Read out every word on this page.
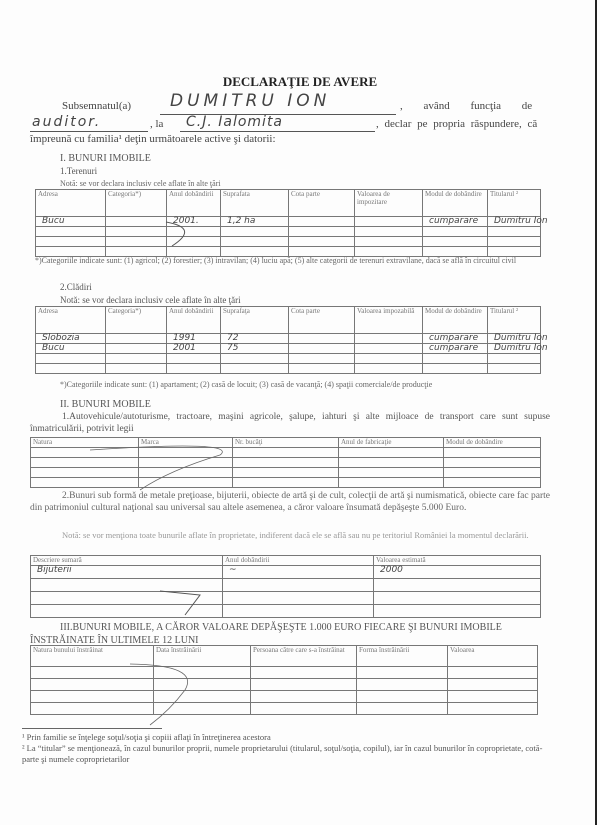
DECLARAŢIE DE AVERE
Subsemnatul(a) DUMITRU ION	, având funcţia de
auditor.	, la C.J. Ialomita	, declar pe propria răspundere, că
împreună cu familia¹ deţin următoarele active şi datorii:
I. BUNURI IMOBILE
1.Terenuri
Notă: se vor declara inclusiv cele aflate în alte ţări
Adresa	Categoria*)	Anul dobândirii	Suprafata	Cota parte	Valoarea de impozitare	Modul de dobândire	Titularul ²
Bucu		2001.	1,2 ha			cumparare	Dumitru Ion

*)Categoriile indicate sunt: (1) agricol; (2) forestier; (3) intravilan; (4) luciu apă; (5) alte categorii de terenuri extravilane, dacă se află în circuitul civil
2.Clădiri
Notă: se vor declara inclusiv cele aflate în alte ţări
Adresa	Categoria*)	Anul dobândirii	Suprafaţa	Cota parte	Valoarea impozabilă	Modul de dobândire	Titularul ²
Slobozia		1991	72			cumparare	Dumitru Ion
Bucu		2001	75			cumparare	Dumitru Ion

*)Categoriile indicate sunt: (1) apartament; (2) casă de locuit; (3) casă de vacanţă; (4) spaţii comerciale/de producţie
II. BUNURI MOBILE
1.Autovehicule/autoturisme, tractoare, maşini agricole, şalupe, iahturi şi alte mijloace de transport care sunt supuse înmatriculării, potrivit legii
Natura	Marca	Nr. bucăţi	Anul de fabricaţie	Modul de dobândire

2.Bunuri sub formă de metale preţioase, bijuterii, obiecte de artă şi de cult, colecţii de artă şi numismatică, obiecte care fac parte din patrimoniul cultural naţional sau universal sau altele asemenea, a căror valoare însumată depăşeşte 5.000 Euro.
Notă: se vor menţiona toate bunurile aflate în proprietate, indiferent dacă ele se află sau nu pe teritoriul României la momentul declarării.
Descriere sumară	Anul dobândirii	Valoarea estimată
Bijuterii	~	2000

III.BUNURI MOBILE, A CĂROR VALOARE DEPĂŞEŞTE 1.000 EURO FIECARE ŞI BUNURI IMOBILE ÎNSTRĂINATE ÎN ULTIMELE 12 LUNI
Natura bunului înstrăinat	Data înstrăinării	Persoana către care s-a înstrăinat	Forma înstrăinării	Valoarea

¹ Prin familie se înţelege soţul/soţia şi copiii aflaţi în întreţinerea acestora
² La “titular” se menţionează, în cazul bunurilor proprii, numele proprietarului (titularul, soţul/soţia, copilul), iar în cazul bunurilor în coproprietate, cotă-parte şi numele coproprietarilor
